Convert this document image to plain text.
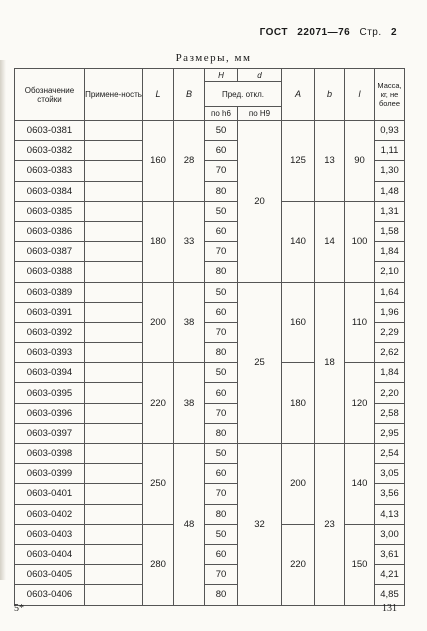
ГОСТ 22071—76 Стр. 2
Размеры, мм
Обозначение стойки	Примене-ность	L	B	H	d	A	b	l	Масса, кг, не более
				Пред. откл.					
				по h6	по H9				
0603-0381		160	28	50	20	125	13	90	0,93
0603-0382				60					1,11
0603-0383				70					1,30
0603-0384				80					1,48
0603-0385		180	33	50		140	14	100	1,31
0603-0386				60					1,58
0603-0387				70					1,84
0603-0388				80					2,10
0603-0389		200	38	50	25	160	18	110	1,64
0603-0391				60					1,96
0603-0392				70					2,29
0603-0393				80					2,62
0603-0394		220	38	50		180		120	1,84
0603-0395				60					2,20
0603-0396				70					2,58
0603-0397				80					2,95
0603-0398		250	48	50	32	200	23	140	2,54
0603-0399				60					3,05
0603-0401				70					3,56
0603-0402				80					4,13
0603-0403		280		50		220		150	3,00
0603-0404				60					3,61
0603-0405				70					4,21
0603-0406				80					4,85
5*	131
